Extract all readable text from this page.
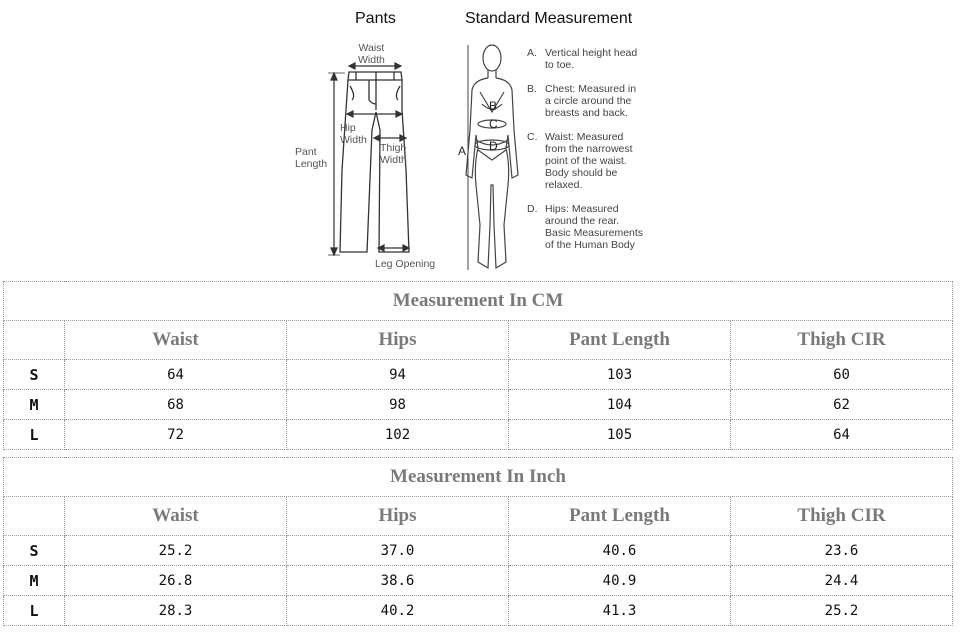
Pants	Standard Measurement
Waist
Width
Hip
Width
Pant
Length
Thigh
Width
Leg Opening
A
B
C
D
A. Vertical height head
to toe.
B. Chest: Measured in
a circle around the
breasts and back.
C. Waist: Measured
from the narrowest
point of the waist.
Body should be
relaxed.
D. Hips: Measured
around the rear.
Basic Measurements
of the Human Body
Measurement In CM				
	Waist	Hips	Pant Length	Thigh CIR
S	64	94	103	60
M	68	98	104	62
L	72	102	105	64
Measurement In Inch				
	Waist	Hips	Pant Length	Thigh CIR
S	25.2	37.0	40.6	23.6
M	26.8	38.6	40.9	24.4
L	28.3	40.2	41.3	25.2
